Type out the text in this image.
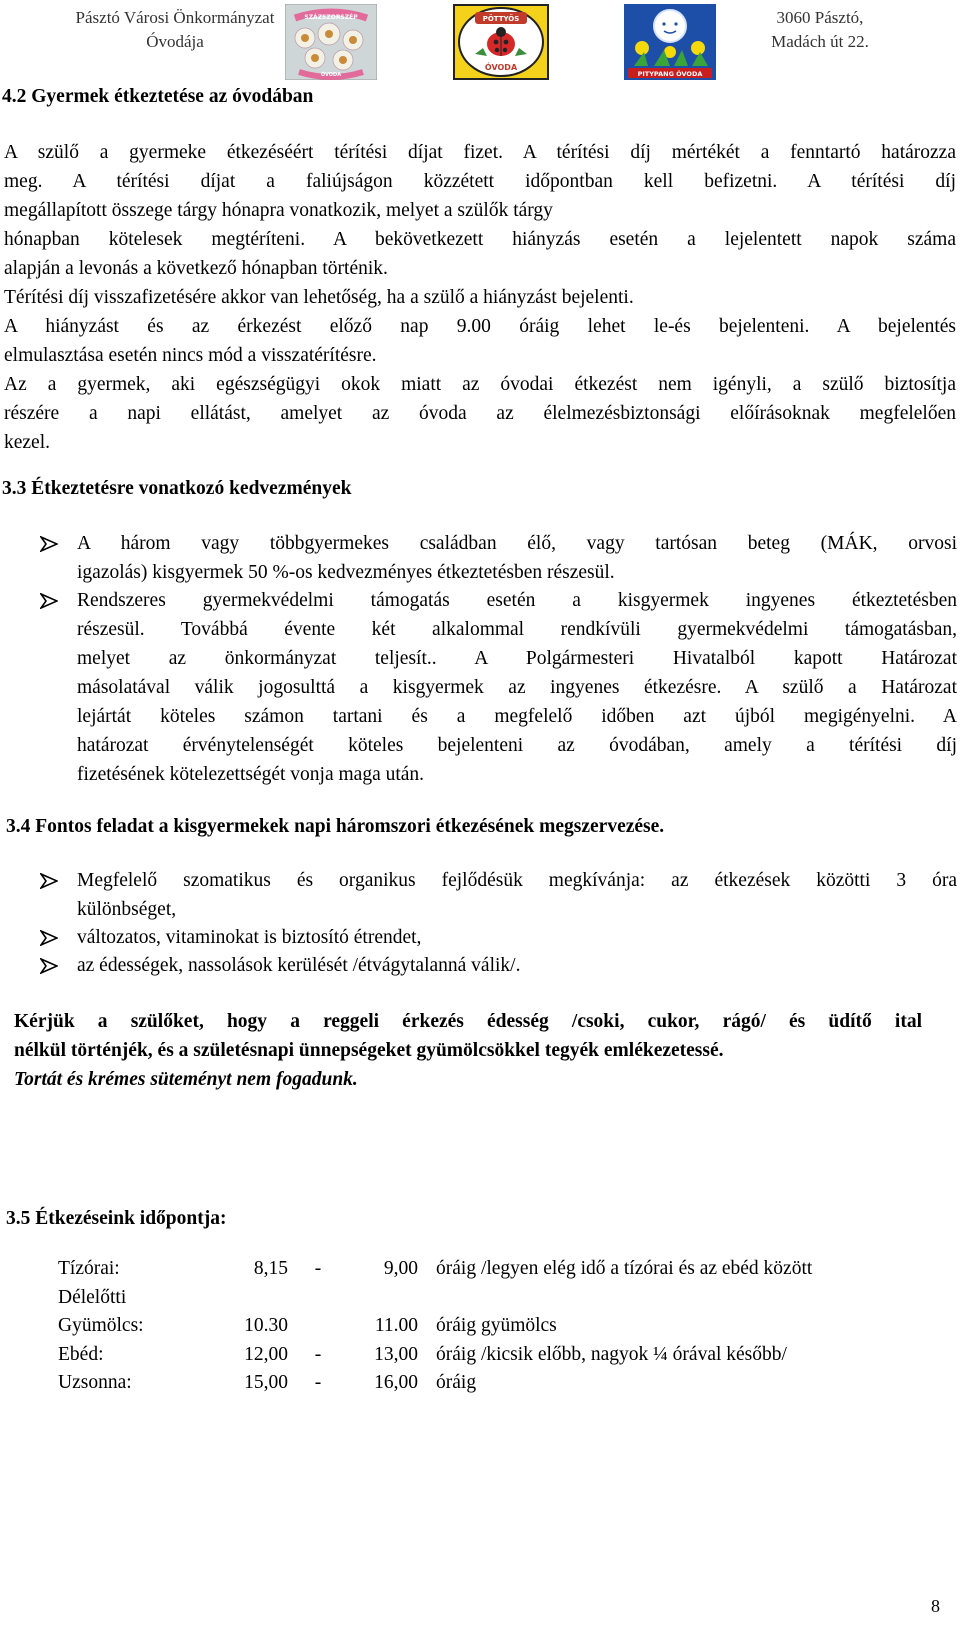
Pásztó Városi Önkormányzat
Óvodája
SZÁZSZORSZÉP
ÓVODA
PÖTTYÖS
ÓVODA
PITYPANG ÓVODA
3060 Pásztó,
Madách út 22.
4.2 Gyermek étkeztetése az óvodában
A szülő a gyermeke étkezéséért térítési díjat fizet. A térítési díj mértékét a fenntartó határozza
meg. A térítési díjat a faliújságon közzétett időpontban kell befizetni. A térítési díj
megállapított összege tárgy hónapra vonatkozik, melyet a szülők tárgy
hónapban kötelesek megtéríteni. A bekövetkezett hiányzás esetén a lejelentett napok száma
alapján a levonás a következő hónapban történik.
Térítési díj visszafizetésére akkor van lehetőség, ha a szülő a hiányzást bejelenti.
A hiányzást és az érkezést előző nap 9.00 óráig lehet le-és bejelenteni. A bejelentés
elmulasztása esetén nincs mód a visszatérítésre.
Az a gyermek, aki egészségügyi okok miatt az óvodai étkezést nem igényli, a szülő biztosítja
részére a napi ellátást, amelyet az óvoda az élelmezésbiztonsági előírásoknak megfelelően
kezel.
3.3 Étkeztetésre vonatkozó kedvezmények
A három vagy többgyermekes családban élő, vagy tartósan beteg (MÁK, orvosi
igazolás) kisgyermek 50 %-os kedvezményes étkeztetésben részesül.
Rendszeres gyermekvédelmi támogatás esetén a kisgyermek ingyenes étkeztetésben
részesül. Továbbá évente két alkalommal rendkívüli gyermekvédelmi támogatásban,
melyet az önkormányzat teljesít.. A Polgármesteri Hivatalból kapott Határozat
másolatával válik jogosulttá a kisgyermek az ingyenes étkezésre. A szülő a Határozat
lejártát köteles számon tartani és a megfelelő időben azt újból megigényelni. A
határozat érvénytelenségét köteles bejelenteni az óvodában, amely a térítési díj
fizetésének kötelezettségét vonja maga után.
3.4 Fontos feladat a kisgyermekek napi háromszori étkezésének megszervezése.
Megfelelő szomatikus és organikus fejlődésük megkívánja: az étkezések közötti 3 óra
különbséget,
változatos, vitaminokat is biztosító étrendet,
az édességek, nassolások kerülését /étvágytalanná válik/.
Kérjük a szülőket, hogy a reggeli érkezés édesség /csoki, cukor, rágó/ és üdítő ital
nélkül történjék, és a születésnapi ünnepségeket gyümölcsökkel tegyék emlékezetessé.
Tortát és krémes süteményt nem fogadunk.
3.5 Étkezéseink időpontja:
Tízórai:	8,15	-	9,00	óráig /legyen elég idő a tízórai és az ebéd között
Délelőtti				
Gyümölcs:	10.30		11.00	óráig gyümölcs
Ebéd:	12,00	-	13,00	óráig /kicsik előbb, nagyok ¼ órával később/
Uzsonna:	15,00	-	16,00	óráig
8
